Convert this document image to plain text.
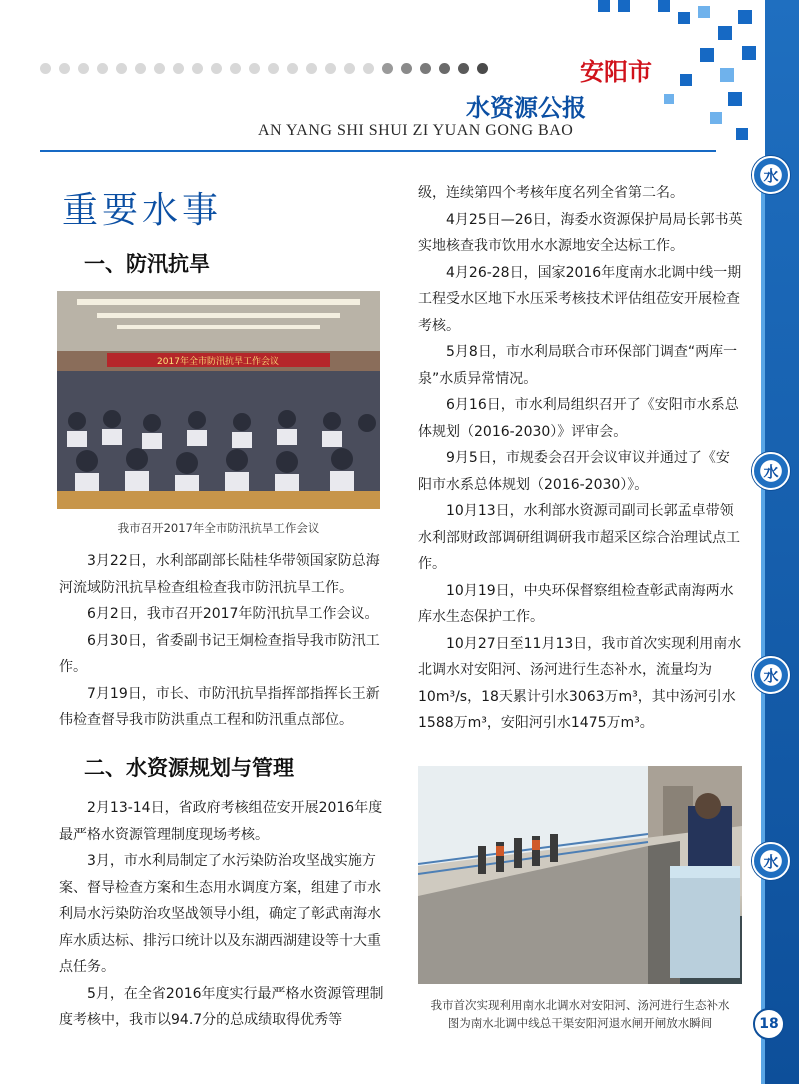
安阳市
水资源公报
AN YANG SHI SHUI ZI YUAN GONG BAO
水
水
水
水
重要水事
一、防汛抗旱
2017年全市防汛抗旱工作会议
我市召开2017年全市防汛抗旱工作会议

3月22日，水利部副部长陆桂华带领国家防总海河流域防汛抗旱检查组检查我市防汛抗旱工作。

6月2日，我市召开2017年防汛抗旱工作会议。

6月30日，省委副书记王炯检查指导我市防汛工作。

7月19日，市长、市防汛抗旱指挥部指挥长王新伟检查督导我市防洪重点工程和防汛重点部位。

二、水资源规划与管理

2月13-14日，省政府考核组莅安开展2016年度最严格水资源管理制度现场考核。

3月，市水利局制定了水污染防治攻坚战实施方案、督导检查方案和生态用水调度方案，组建了市水利局水污染防治攻坚战领导小组，确定了彰武南海水库水质达标、排污口统计以及东湖西湖建设等十大重点任务。

5月，在全省2016年度实行最严格水资源管理制度考核中，我市以94.7分的总成绩取得优秀等

级，连续第四个考核年度名列全省第二名。

4月25日—26日，海委水资源保护局局长郭书英实地核查我市饮用水水源地安全达标工作。

4月26-28日，国家2016年度南水北调中线一期工程受水区地下水压采考核技术评估组莅安开展检查考核。

5月8日，市水利局联合市环保部门调查“两库一泉”水质异常情况。

6月16日，市水利局组织召开了《安阳市水系总体规划（2016-2030）》评审会。

9月5日，市规委会召开会议审议并通过了《安阳市水系总体规划（2016-2030）》。

10月13日，水利部水资源司副司长郭孟卓带领水利部财政部调研组调研我市超采区综合治理试点工作。

10月19日，中央环保督察组检查彰武南海两水库水生态保护工作。

10月27日至11月13日，我市首次实现利用南水北调水对安阳河、汤河进行生态补水，流量均为10m³/s，18天累计引水3063万m³，其中汤河引水1588万m³，安阳河引水1475万m³。

我市首次实现利用南水北调水对安阳河、汤河进行生态补水
图为南水北调中线总干渠安阳河退水闸开闸放水瞬间	18
